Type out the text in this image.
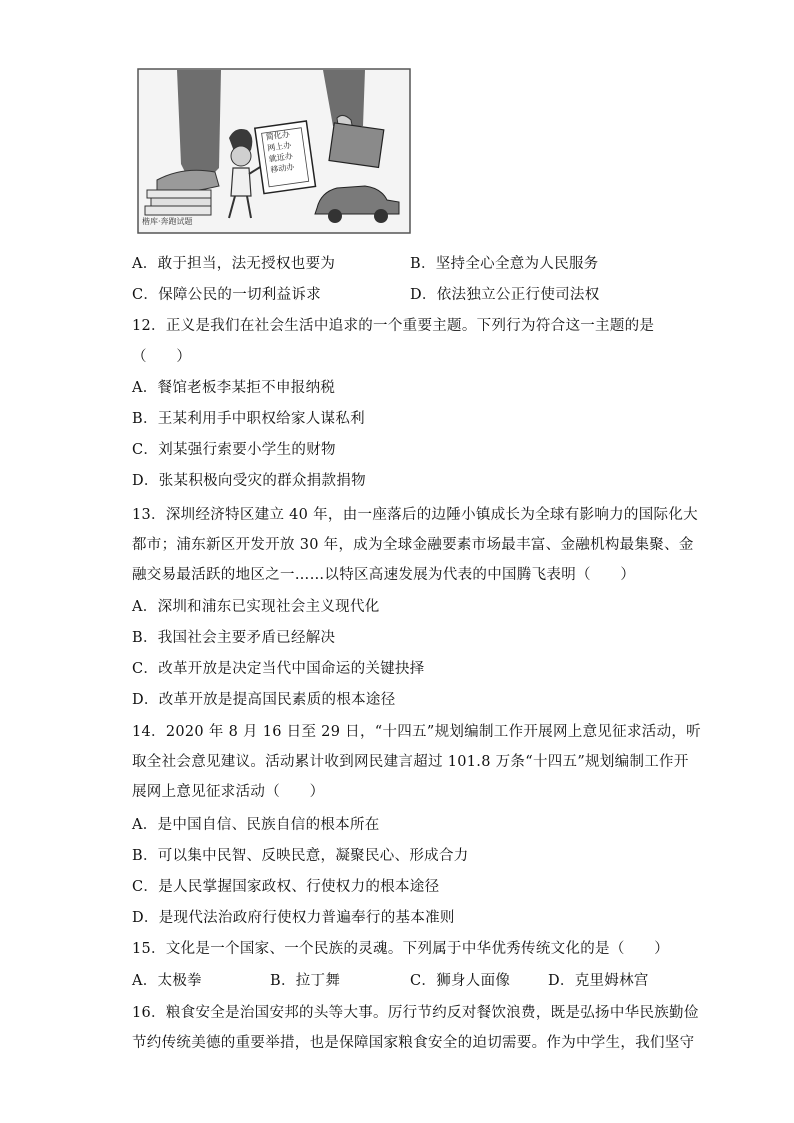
简化办
网上办
就近办
移动办
楷库·奔跑试题
A．敢于担当，法无授权也要为	B．坚持全心全意为人民服务
C．保障公民的一切利益诉求	D．依法独立公正行使司法权
12．正义是我们在社会生活中追求的一个重要主题。下列行为符合这一主题的是
（　　）
A．餐馆老板李某拒不申报纳税
B．王某利用手中职权给家人谋私利
C．刘某强行索要小学生的财物
D．张某积极向受灾的群众捐款捐物
13．深圳经济特区建立 40 年，由一座落后的边陲小镇成长为全球有影响力的国际化大
都市；浦东新区开发开放 30 年，成为全球金融要素市场最丰富、金融机构最集聚、金
融交易最活跃的地区之一……以特区高速发展为代表的中国腾飞表明（　　）
A．深圳和浦东已实现社会主义现代化
B．我国社会主要矛盾已经解决
C．改革开放是决定当代中国命运的关键抉择
D．改革开放是提高国民素质的根本途径
14．2020 年 8 月 16 日至 29 日，“十四五”规划编制工作开展网上意见征求活动，听
取全社会意见建议。活动累计收到网民建言超过 101.8 万条“十四五”规划编制工作开
展网上意见征求活动（　　）
A．是中国自信、民族自信的根本所在
B．可以集中民智、反映民意，凝聚民心、形成合力
C．是人民掌握国家政权、行使权力的根本途径
D．是现代法治政府行使权力普遍奉行的基本准则
15．文化是一个国家、一个民族的灵魂。下列属于中华优秀传统文化的是（　　）
A．太极拳	B．拉丁舞	C．狮身人面像	D．克里姆林宫
16．粮食安全是治国安邦的头等大事。厉行节约反对餐饮浪费，既是弘扬中华民族勤俭
节约传统美德的重要举措，也是保障国家粮食安全的迫切需要。作为中学生，我们坚守
